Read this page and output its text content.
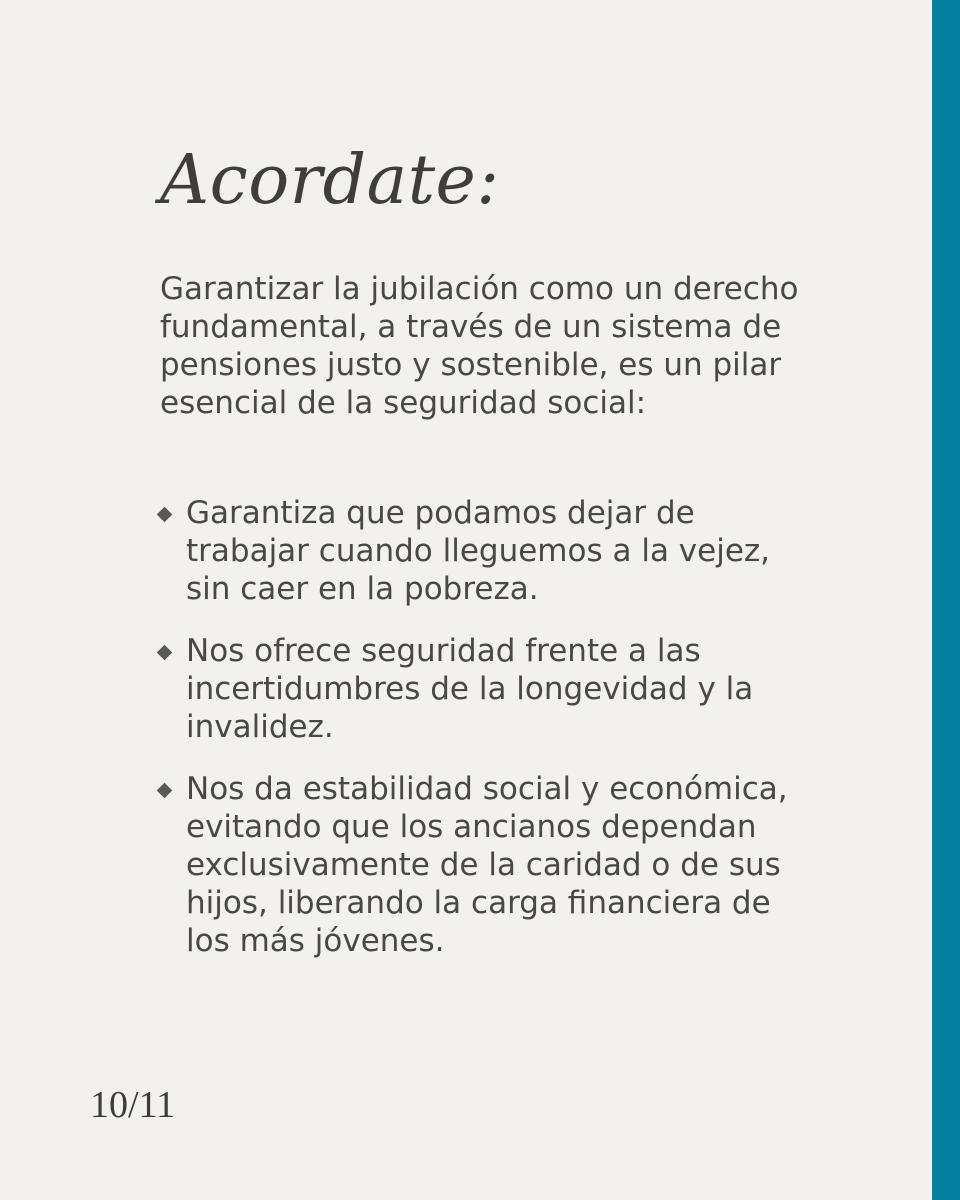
Acordate:

Garantizar la jubilación como un derecho fundamental, a través de un sistema de pensiones justo y sostenible, es un pilar esencial de la seguridad social:

Garantiza que podamos dejar de trabajar cuando lleguemos a la vejez, sin caer en la pobreza.
Nos ofrece seguridad frente a las incertidumbres de la longevidad y la invalidez.
Nos da estabilidad social y económica, evitando que los ancianos dependan exclusivamente de la caridad o de sus hijos, liberando la carga financiera de los más jóvenes.

10/11
